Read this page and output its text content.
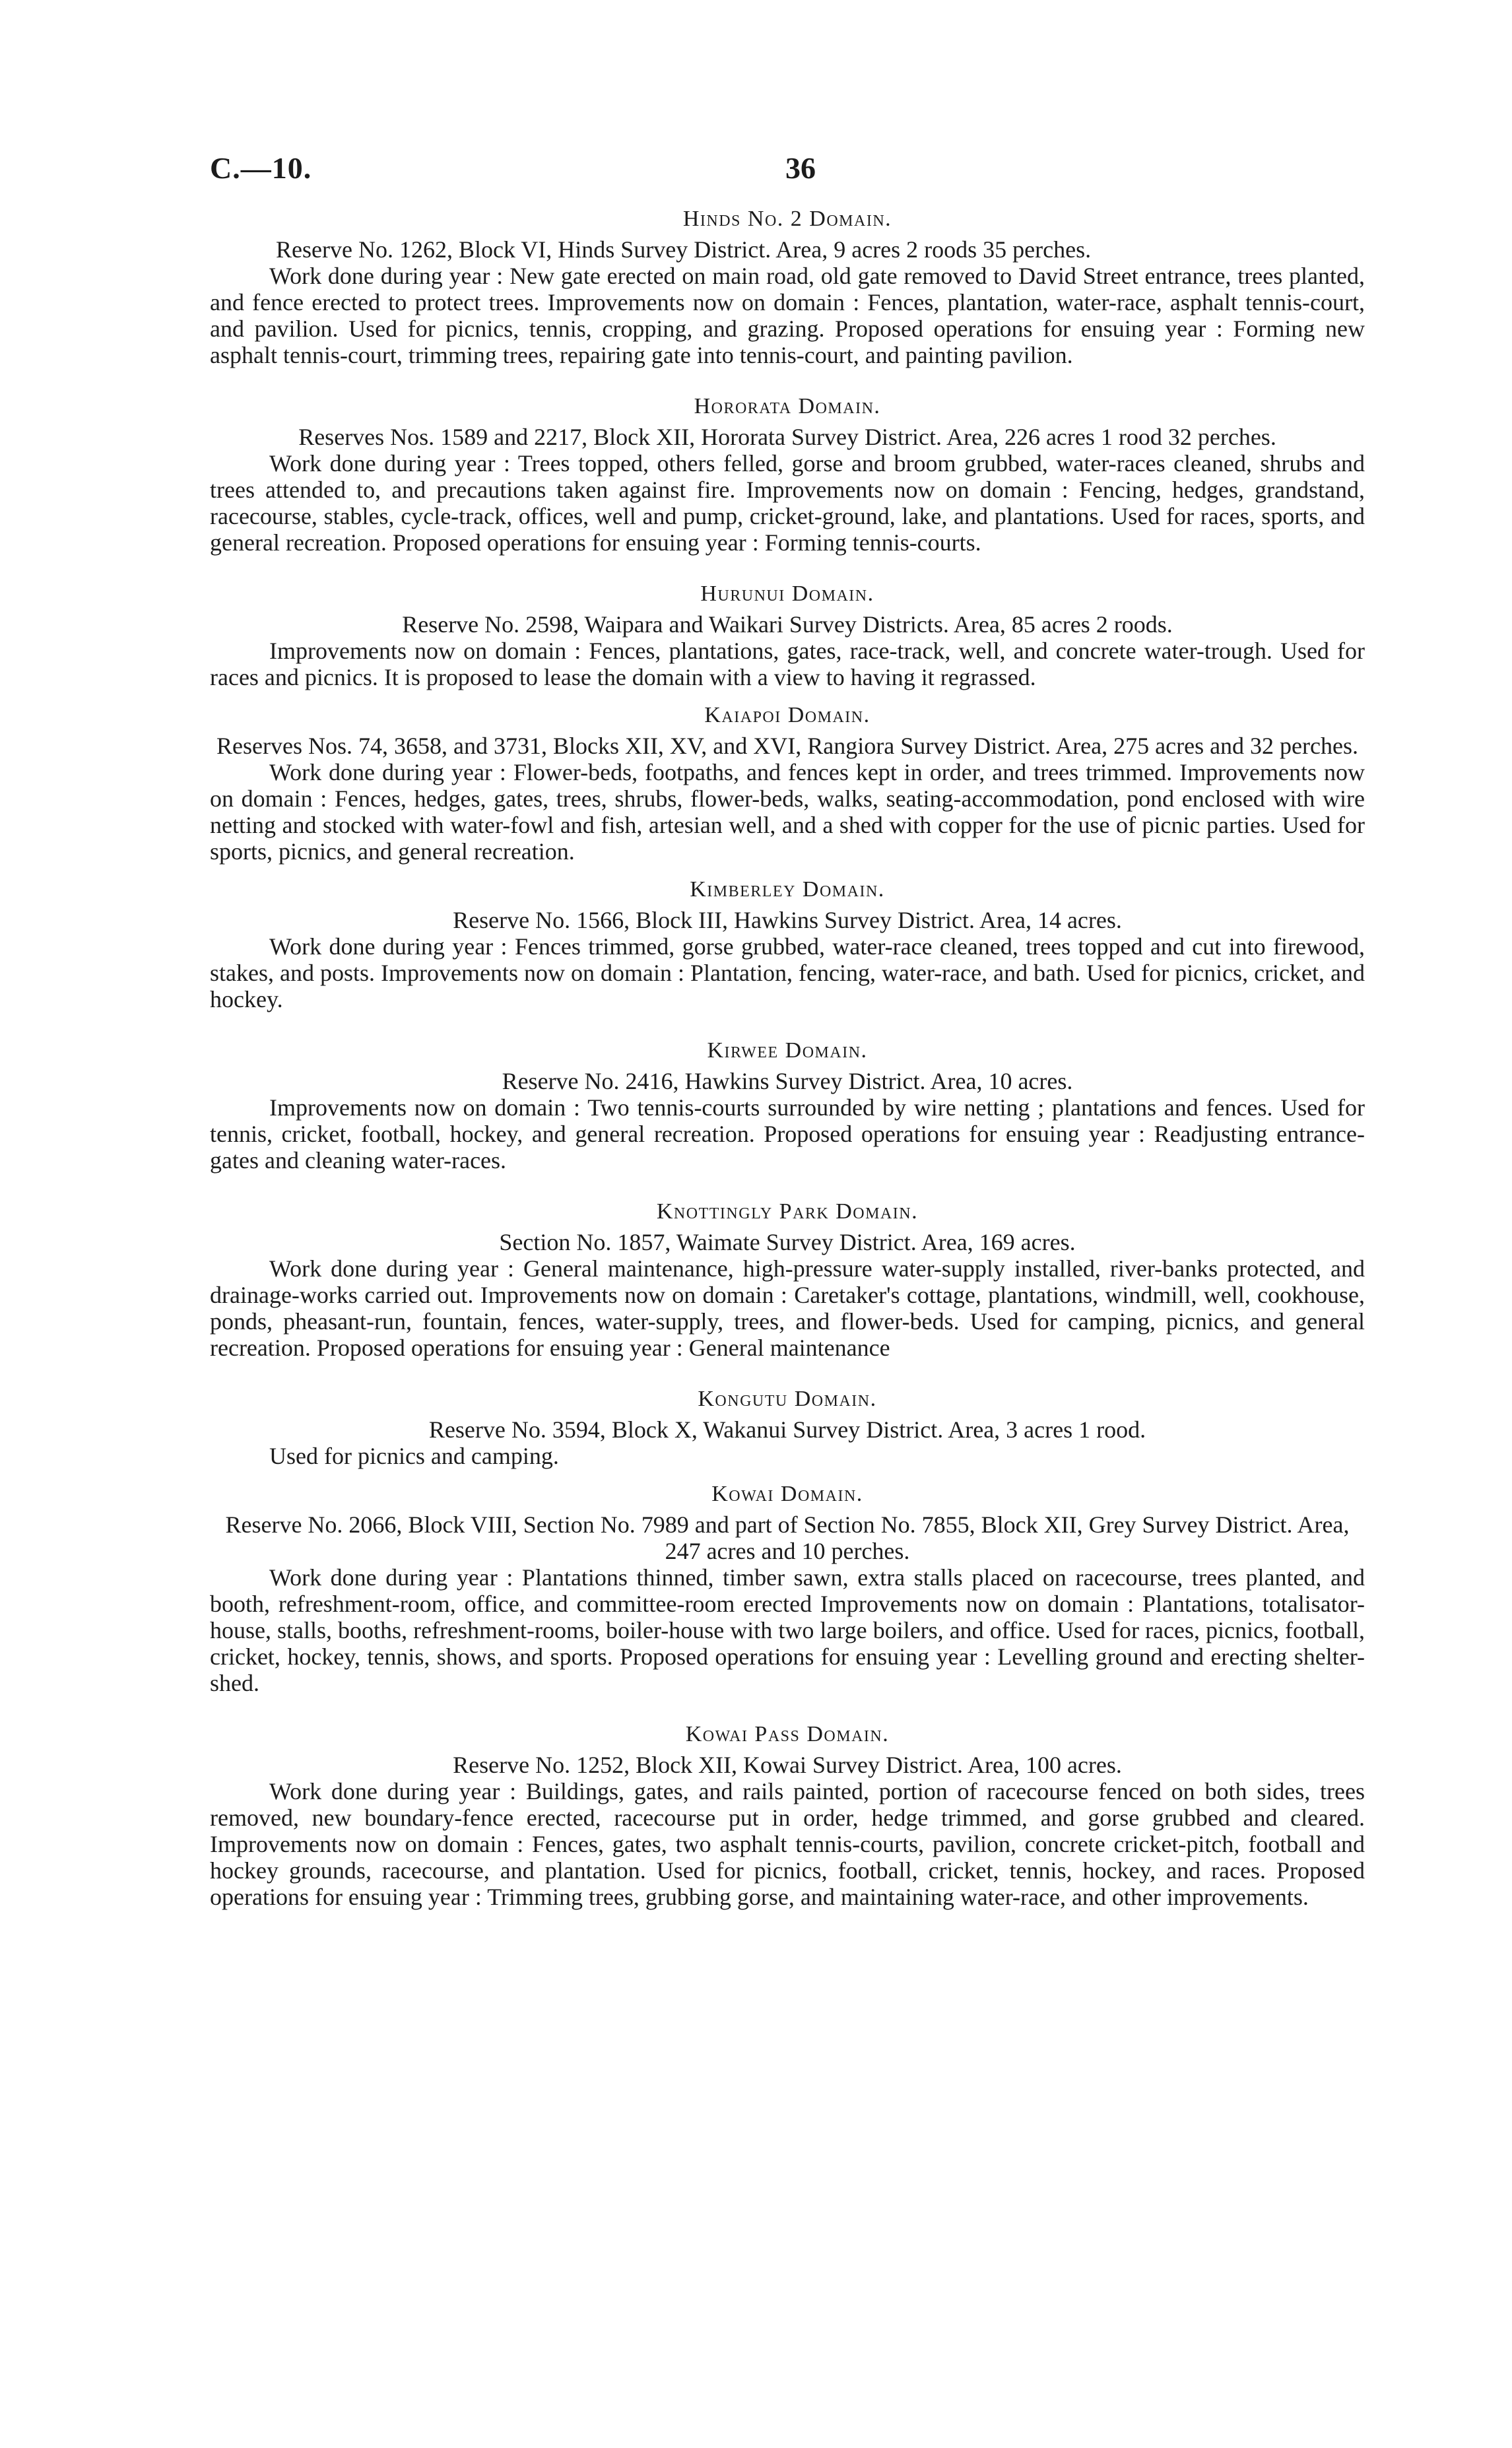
C.—10.	36
Hinds No. 2 Domain.

Reserve No. 1262, Block VI, Hinds Survey District. Area, 9 acres 2 roods 35 perches.

Work done during year : New gate erected on main road, old gate removed to David Street entrance, trees planted, and fence erected to protect trees. Improvements now on domain : Fences, plantation, water-race, asphalt tennis-court, and pavilion. Used for picnics, tennis, cropping, and grazing. Proposed operations for ensuing year : Forming new asphalt tennis-court, trimming trees, repairing gate into tennis-court, and painting pavilion.

Hororata Domain.

Reserves Nos. 1589 and 2217, Block XII, Hororata Survey District. Area, 226 acres 1 rood 32 perches.

Work done during year : Trees topped, others felled, gorse and broom grubbed, water-races cleaned, shrubs and trees attended to, and precautions taken against fire. Improvements now on domain : Fencing, hedges, grandstand, racecourse, stables, cycle-track, offices, well and pump, cricket-ground, lake, and plantations. Used for races, sports, and general recreation. Proposed operations for ensuing year : Forming tennis-courts.

Hurunui Domain.

Reserve No. 2598, Waipara and Waikari Survey Districts. Area, 85 acres 2 roods.

Improvements now on domain : Fences, plantations, gates, race-track, well, and concrete water-trough. Used for races and picnics. It is proposed to lease the domain with a view to having it regrassed.

Kaiapoi Domain.

Reserves Nos. 74, 3658, and 3731, Blocks XII, XV, and XVI, Rangiora Survey District. Area, 275 acres and 32 perches.

Work done during year : Flower-beds, footpaths, and fences kept in order, and trees trimmed. Improvements now on domain : Fences, hedges, gates, trees, shrubs, flower-beds, walks, seating-accommodation, pond enclosed with wire netting and stocked with water-fowl and fish, artesian well, and a shed with copper for the use of picnic parties. Used for sports, picnics, and general recreation.

Kimberley Domain.

Reserve No. 1566, Block III, Hawkins Survey District. Area, 14 acres.

Work done during year : Fences trimmed, gorse grubbed, water-race cleaned, trees topped and cut into firewood, stakes, and posts. Improvements now on domain : Plantation, fencing, water-race, and bath. Used for picnics, cricket, and hockey.

Kirwee Domain.

Reserve No. 2416, Hawkins Survey District. Area, 10 acres.

Improvements now on domain : Two tennis-courts surrounded by wire netting ; plantations and fences. Used for tennis, cricket, football, hockey, and general recreation. Proposed operations for ensuing year : Readjusting entrance-gates and cleaning water-races.

Knottingly Park Domain.

Section No. 1857, Waimate Survey District. Area, 169 acres.

Work done during year : General maintenance, high-pressure water-supply installed, river-banks protected, and drainage-works carried out. Improvements now on domain : Caretaker's cottage, plantations, windmill, well, cookhouse, ponds, pheasant-run, fountain, fences, water-supply, trees, and flower-beds. Used for camping, picnics, and general recreation. Proposed operations for ensuing year : General maintenance

Kongutu Domain.

Reserve No. 3594, Block X, Wakanui Survey District. Area, 3 acres 1 rood.

Used for picnics and camping.

Kowai Domain.

Reserve No. 2066, Block VIII, Section No. 7989 and part of Section No. 7855, Block XII, Grey Survey District. Area, 247 acres and 10 perches.

Work done during year : Plantations thinned, timber sawn, extra stalls placed on racecourse, trees planted, and booth, refreshment-room, office, and committee-room erected Improvements now on domain : Plantations, totalisator-house, stalls, booths, refreshment-rooms, boiler-house with two large boilers, and office. Used for races, picnics, football, cricket, hockey, tennis, shows, and sports. Proposed operations for ensuing year : Levelling ground and erecting shelter-shed.

Kowai Pass Domain.

Reserve No. 1252, Block XII, Kowai Survey District. Area, 100 acres.

Work done during year : Buildings, gates, and rails painted, portion of racecourse fenced on both sides, trees removed, new boundary-fence erected, racecourse put in order, hedge trimmed, and gorse grubbed and cleared. Improvements now on domain : Fences, gates, two asphalt tennis-courts, pavilion, concrete cricket-pitch, football and hockey grounds, racecourse, and plantation. Used for picnics, football, cricket, tennis, hockey, and races. Proposed operations for ensuing year : Trimming trees, grubbing gorse, and maintaining water-race, and other improvements.
